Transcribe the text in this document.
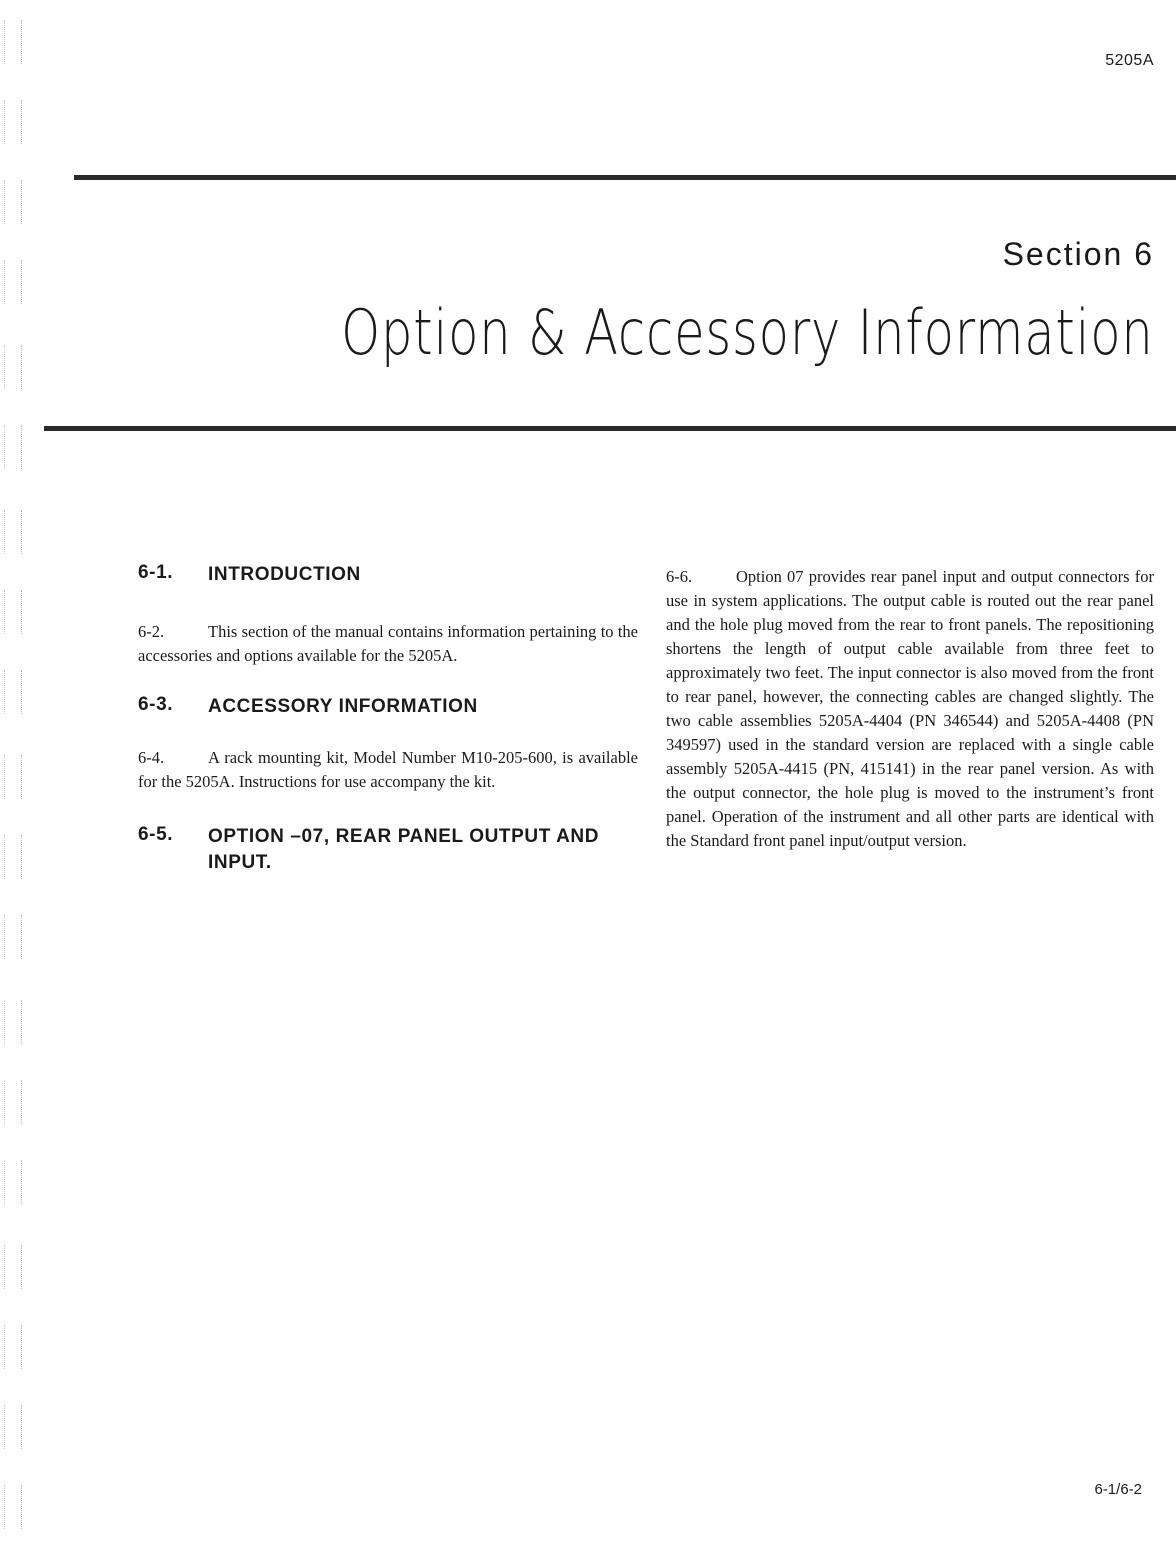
5205A
Section 6
Option & Accessory Information
6-1.	INTRODUCTION

6-2.	This section of the manual contains information pertaining to the accessories and options available for the 5205A.

6-3.	ACCESSORY INFORMATION

6-4.	A rack mounting kit, Model Number M10-205-600, is available for the 5205A. Instructions for use accompany the kit.

6-5.	OPTION –07, REAR PANEL OUTPUT AND INPUT.

6-6.	Option 07 provides rear panel input and output connectors for use in system applications. The output cable is routed out the rear panel and the hole plug moved from the rear to front panels. The repositioning shortens the length of output cable available from three feet to approximately two feet. The input connector is also moved from the front to rear panel, however, the connecting cables are changed slightly. The two cable assemblies 5205A-4404 (PN 346544) and 5205A-4408 (PN 349597) used in the standard version are replaced with a single cable assembly 5205A-4415 (PN, 415141) in the rear panel version. As with the output connector, the hole plug is moved to the instrument’s front panel. Operation of the instrument and all other parts are identical with the Standard front panel input/output version.

6-1/6-2
